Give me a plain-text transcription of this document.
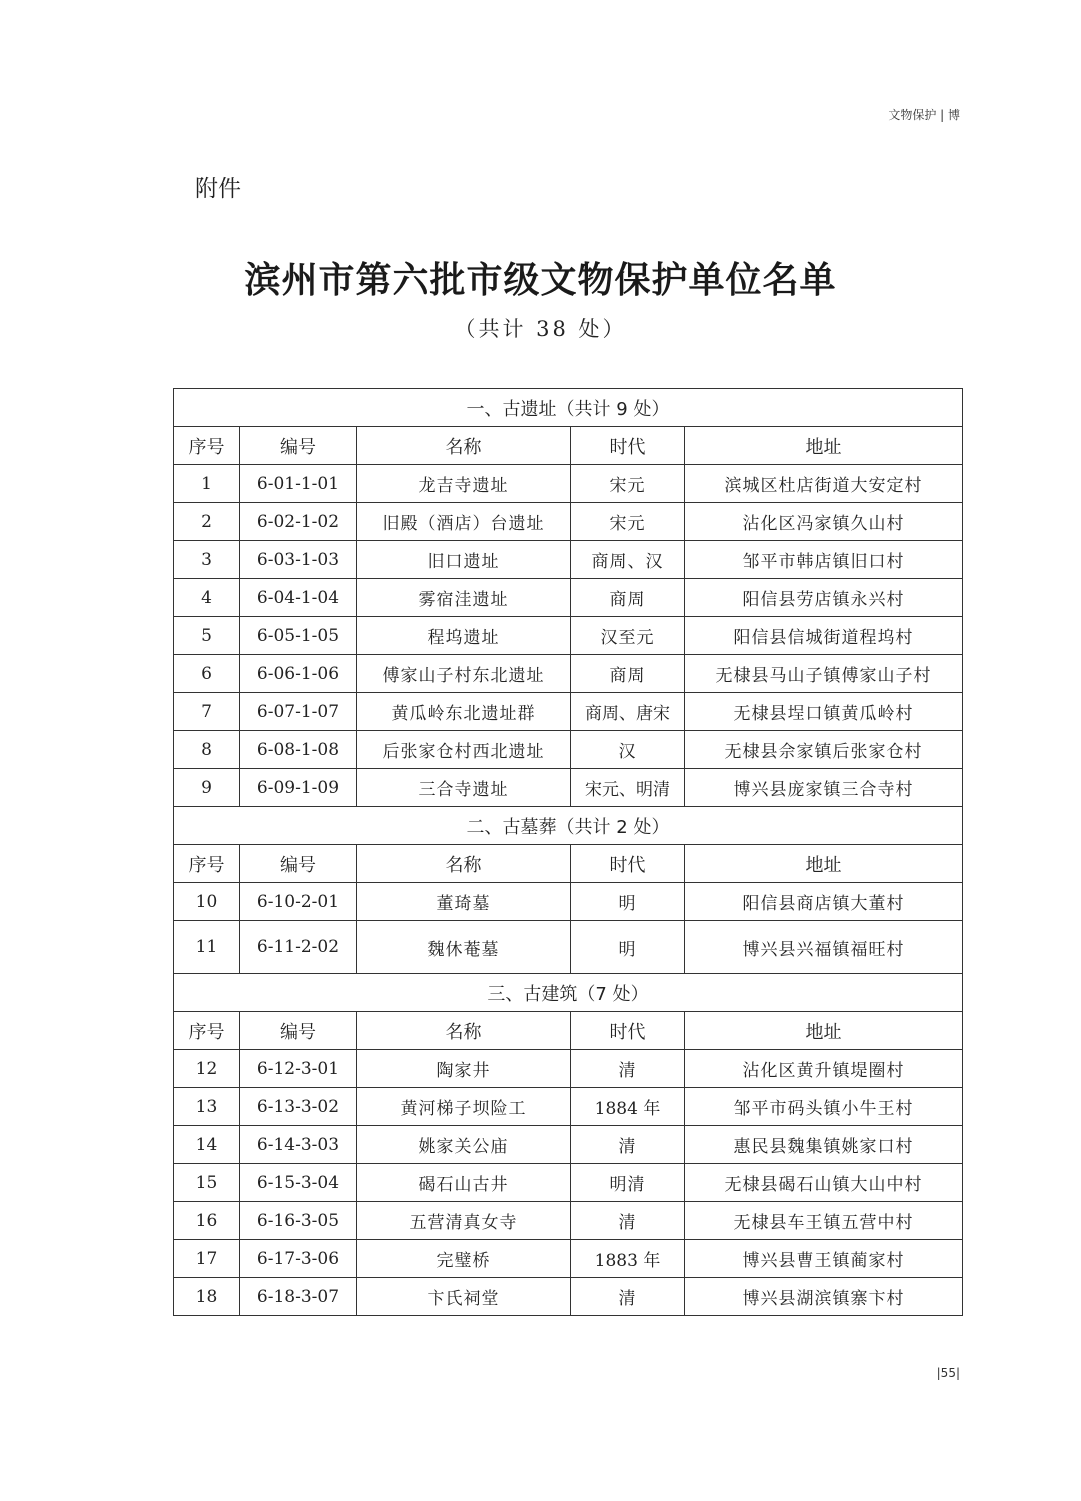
文物保护 | 博
附件
滨州市第六批市级文物保护单位名单
（共计 38 处）
一、古遗址（共计 9 处）				
序号	编号	名称	时代	地址
1	6-01-1-01	龙吉寺遗址	宋元	滨城区杜店街道大安定村
2	6-02-1-02	旧殿（酒店）台遗址	宋元	沾化区冯家镇久山村
3	6-03-1-03	旧口遗址	商周、汉	邹平市韩店镇旧口村
4	6-04-1-04	雾宿洼遗址	商周	阳信县劳店镇永兴村
5	6-05-1-05	程坞遗址	汉至元	阳信县信城街道程坞村
6	6-06-1-06	傅家山子村东北遗址	商周	无棣县马山子镇傅家山子村
7	6-07-1-07	黄瓜岭东北遗址群	商周、唐宋	无棣县埕口镇黄瓜岭村
8	6-08-1-08	后张家仓村西北遗址	汉	无棣县佘家镇后张家仓村
9	6-09-1-09	三合寺遗址	宋元、明清	博兴县庞家镇三合寺村
二、古墓葬（共计 2 处）				
序号	编号	名称	时代	地址
10	6-10-2-01	董琦墓	明	阳信县商店镇大董村
11	6-11-2-02	魏休菴墓	明	博兴县兴福镇福旺村
三、古建筑（7 处）				
序号	编号	名称	时代	地址
12	6-12-3-01	陶家井	清	沾化区黄升镇堤圈村
13	6-13-3-02	黄河梯子坝险工	1884 年	邹平市码头镇小牛王村
14	6-14-3-03	姚家关公庙	清	惠民县魏集镇姚家口村
15	6-15-3-04	碣石山古井	明清	无棣县碣石山镇大山中村
16	6-16-3-05	五营清真女寺	清	无棣县车王镇五营中村
17	6-17-3-06	完璧桥	1883 年	博兴县曹王镇蔺家村
18	6-18-3-07	卞氏祠堂	清	博兴县湖滨镇寨卞村
|55|
